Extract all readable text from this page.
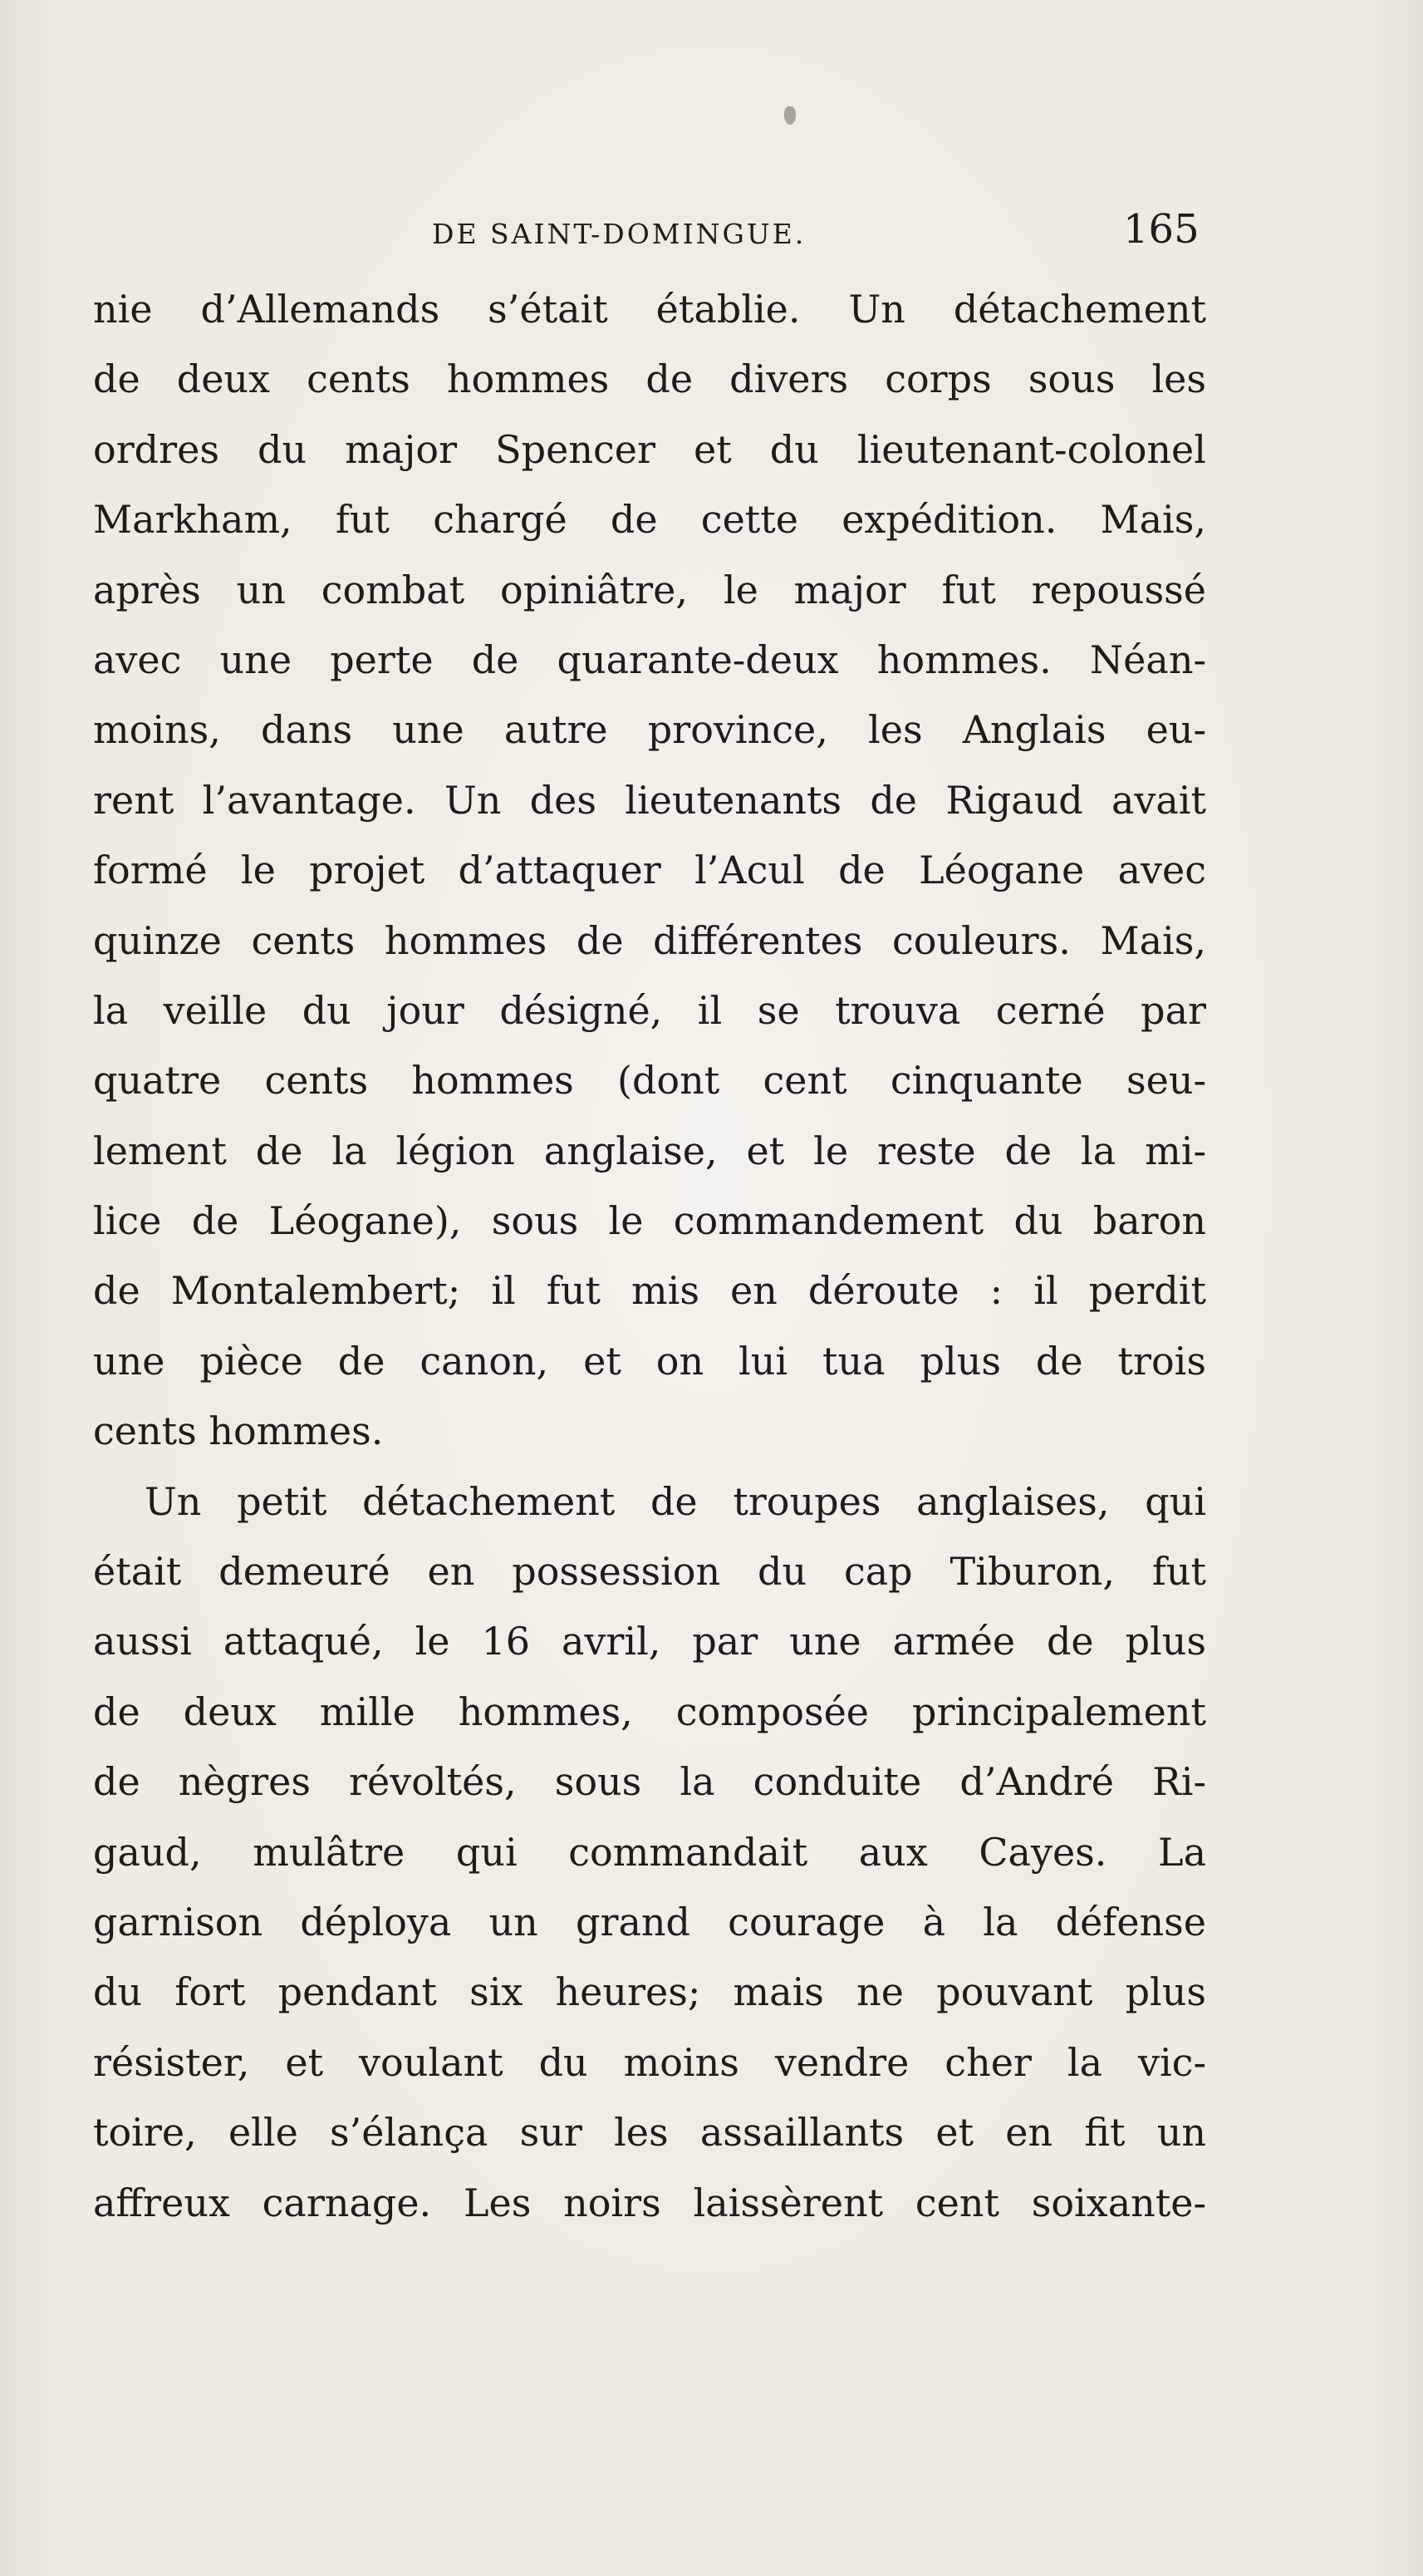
DE SAINT-DOMINGUE.	165
nie d’Allemands s’était établie. Un détachement
de deux cents hommes de divers corps sous les
ordres du major Spencer et du lieutenant-colonel
Markham, fut chargé de cette expédition. Mais,
après un combat opiniâtre, le major fut repoussé
avec une perte de quarante-deux hommes. Néan-
moins, dans une autre province, les Anglais eu-
rent l’avantage. Un des lieutenants de Rigaud avait
formé le projet d’attaquer l’Acul de Léogane avec
quinze cents hommes de différentes couleurs. Mais,
la veille du jour désigné, il se trouva cerné par
quatre cents hommes (dont cent cinquante seu-
lement de la légion anglaise, et le reste de la mi-
lice de Léogane), sous le commandement du baron
de Montalembert; il fut mis en déroute : il perdit
une pièce de canon, et on lui tua plus de trois
cents hommes.
Un petit détachement de troupes anglaises, qui
était demeuré en possession du cap Tiburon, fut
aussi attaqué, le 16 avril, par une armée de plus
de deux mille hommes, composée principalement
de nègres révoltés, sous la conduite d’André Ri-
gaud, mulâtre qui commandait aux Cayes. La
garnison déploya un grand courage à la défense
du fort pendant six heures; mais ne pouvant plus
résister, et voulant du moins vendre cher la vic-
toire, elle s’élança sur les assaillants et en fit un
affreux carnage. Les noirs laissèrent cent soixante-
